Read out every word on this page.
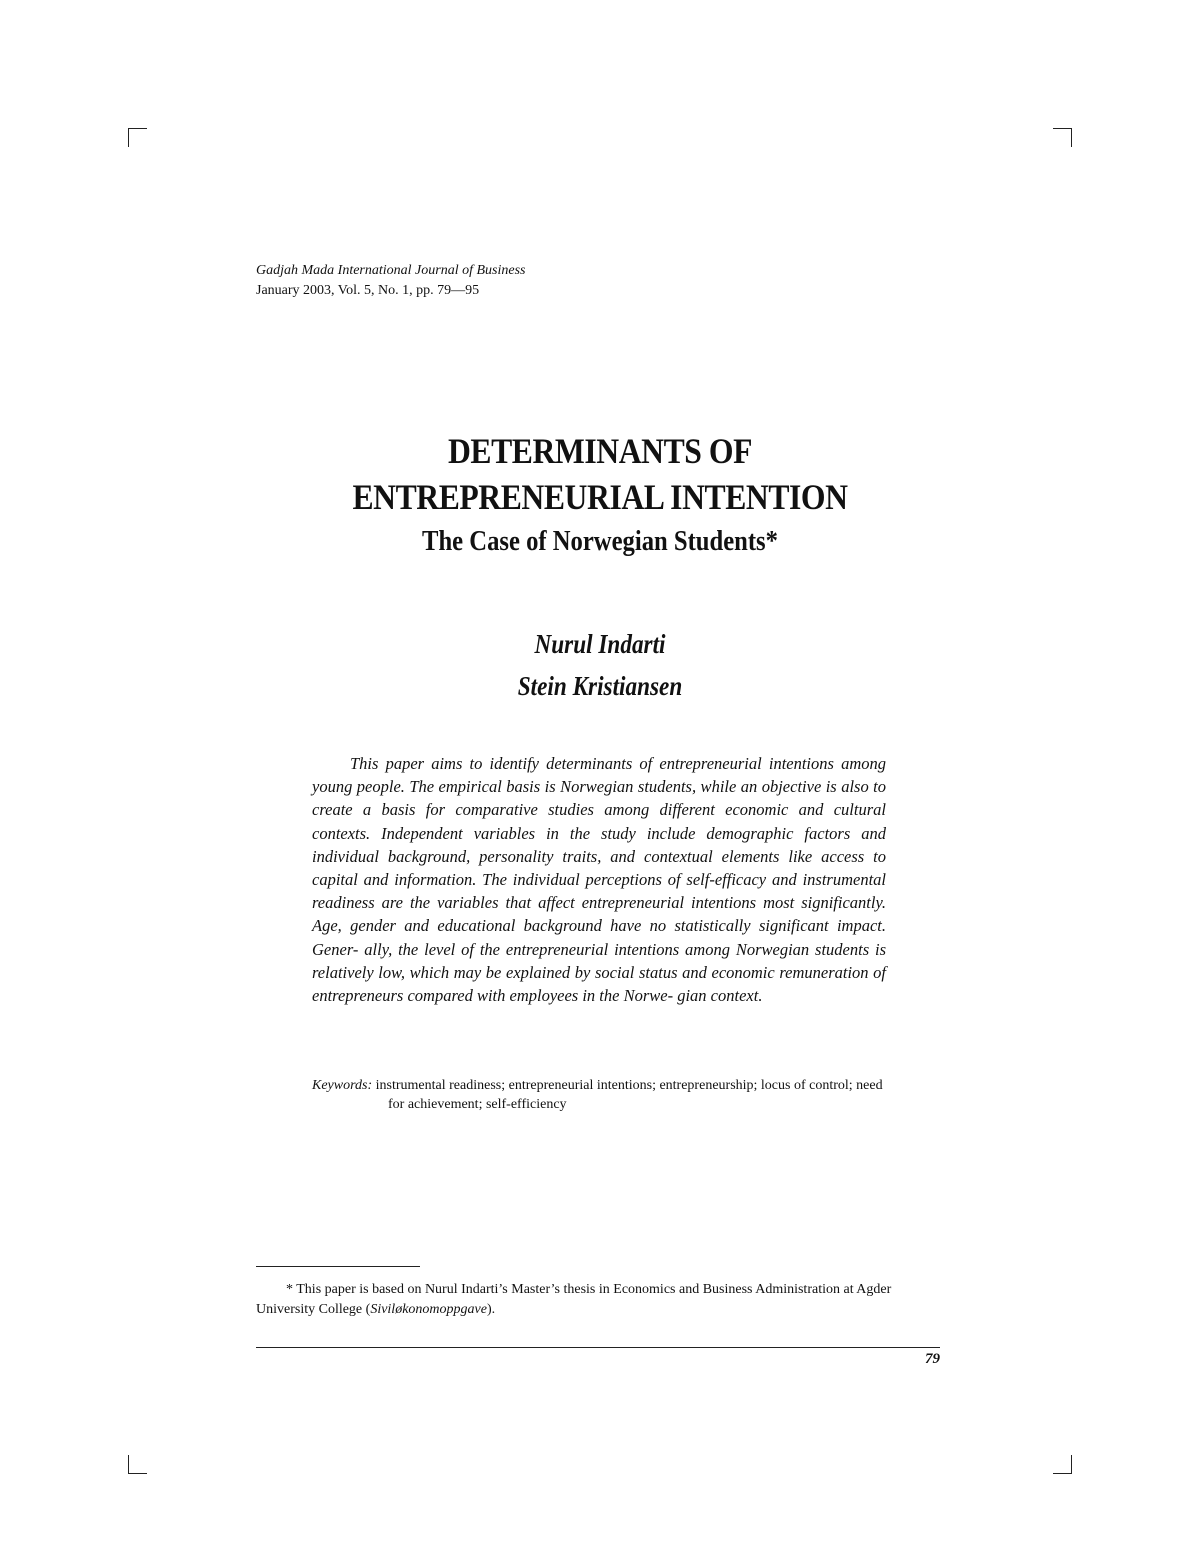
Gadjah Mada International Journal of Business
January 2003, Vol. 5, No. 1, pp. 79—95
DETERMINANTS OF
ENTREPRENEURIAL INTENTION
The Case of Norwegian Students*
Nurul Indarti
Stein Kristiansen

This paper aims to identify determinants of entrepreneurial intentions among young people. The empirical basis is Norwegian students, while an objective is also to create a basis for comparative studies among different economic and cultural contexts. Independent variables in the study include demographic factors and individual background, personality traits, and contextual elements like access to capital and information. The individual perceptions of self-efficacy and instrumental readiness are the variables that affect entrepreneurial intentions most significantly. Age, gender and educational background have no statistically significant impact. Gener- ally, the level of the entrepreneurial intentions among Norwegian students is relatively low, which may be explained by social status and economic remuneration of entrepreneurs compared with employees in the Norwe- gian context.

Keywords: instrumental readiness; entrepreneurial intentions; entrepreneurship; locus of control; need for achievement; self-efficiency
* This paper is based on Nurul Indarti’s Master’s thesis in Economics and Business Administration at Agder University College (Siviløkonomoppgave).
79
